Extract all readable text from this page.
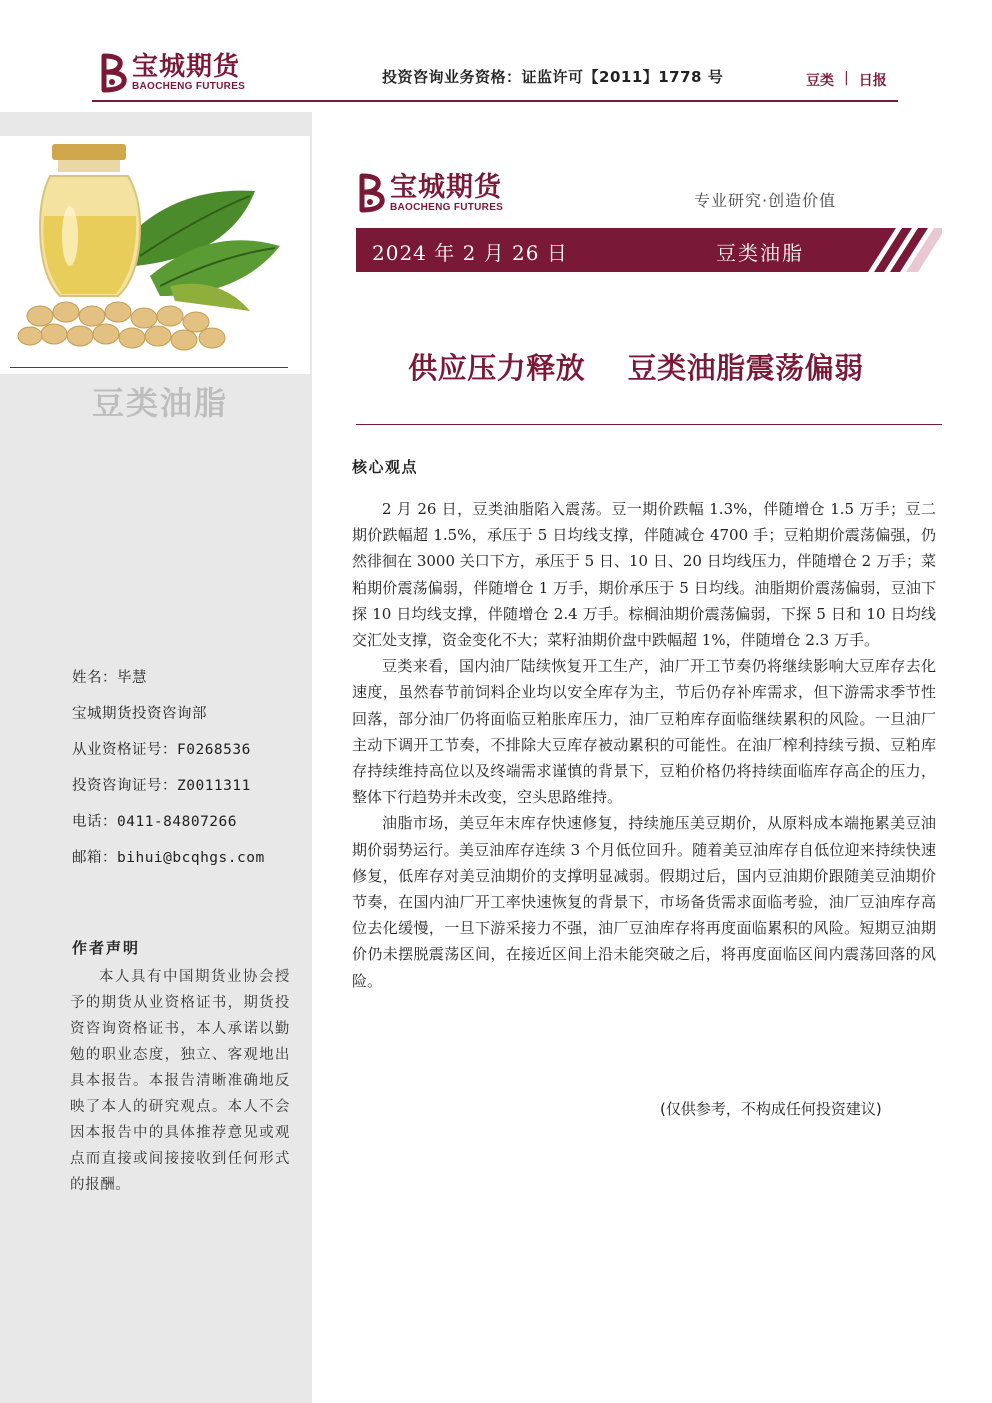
宝城期货
BAOCHENG FUTURES
投资咨询业务资格：证监许可【2011】1778 号	豆类 | 日报
豆类油脂
姓名：毕慧
宝城期货投资咨询部
从业资格证号：F0268536
投资咨询证号：Z0011311
电话：0411-84807266
邮箱：bihui@bcqhgs.com
作者声明
本人具有中国期货业协会授予的期货从业资格证书，期货投资咨询资格证书，本人承诺以勤勉的职业态度，独立、客观地出具本报告。本报告清晰准确地反映了本人的研究观点。本人不会因本报告中的具体推荐意见或观点而直接或间接接收到任何形式的报酬。
宝城期货
BAOCHENG FUTURES	专业研究·创造价值
2024 年 2 月 26 日	豆类油脂
供应压力释放    豆类油脂震荡偏弱
核心观点

2 月 26 日，豆类油脂陷入震荡。豆一期价跌幅 1.3%，伴随增仓 1.5 万手；豆二期价跌幅超 1.5%，承压于 5 日均线支撑，伴随减仓 4700 手；豆粕期价震荡偏强，仍然徘徊在 3000 关口下方，承压于 5 日、10 日、20 日均线压力，伴随增仓 2 万手；菜粕期价震荡偏弱，伴随增仓 1 万手，期价承压于 5 日均线。油脂期价震荡偏弱，豆油下探 10 日均线支撑，伴随增仓 2.4 万手。棕榈油期价震荡偏弱，下探 5 日和 10 日均线交汇处支撑，资金变化不大；菜籽油期价盘中跌幅超 1%，伴随增仓 2.3 万手。

豆类来看，国内油厂陆续恢复开工生产，油厂开工节奏仍将继续影响大豆库存去化速度，虽然春节前饲料企业均以安全库存为主，节后仍存补库需求，但下游需求季节性回落，部分油厂仍将面临豆粕胀库压力，油厂豆粕库存面临继续累积的风险。一旦油厂主动下调开工节奏，不排除大豆库存被动累积的可能性。在油厂榨利持续亏损、豆粕库存持续维持高位以及终端需求谨慎的背景下，豆粕价格仍将持续面临库存高企的压力，整体下行趋势并未改变，空头思路维持。

油脂市场，美豆年末库存快速修复，持续施压美豆期价，从原料成本端拖累美豆油期价弱势运行。美豆油库存连续 3 个月低位回升。随着美豆油库存自低位迎来持续快速修复，低库存对美豆油期价的支撑明显减弱。假期过后，国内豆油期价跟随美豆油期价节奏，在国内油厂开工率快速恢复的背景下，市场备货需求面临考验，油厂豆油库存高位去化缓慢，一旦下游采接力不强，油厂豆油库存将再度面临累积的风险。短期豆油期价仍未摆脱震荡区间，在接近区间上沿未能突破之后，将再度面临区间内震荡回落的风险。

(仅供参考，不构成任何投资建议)
